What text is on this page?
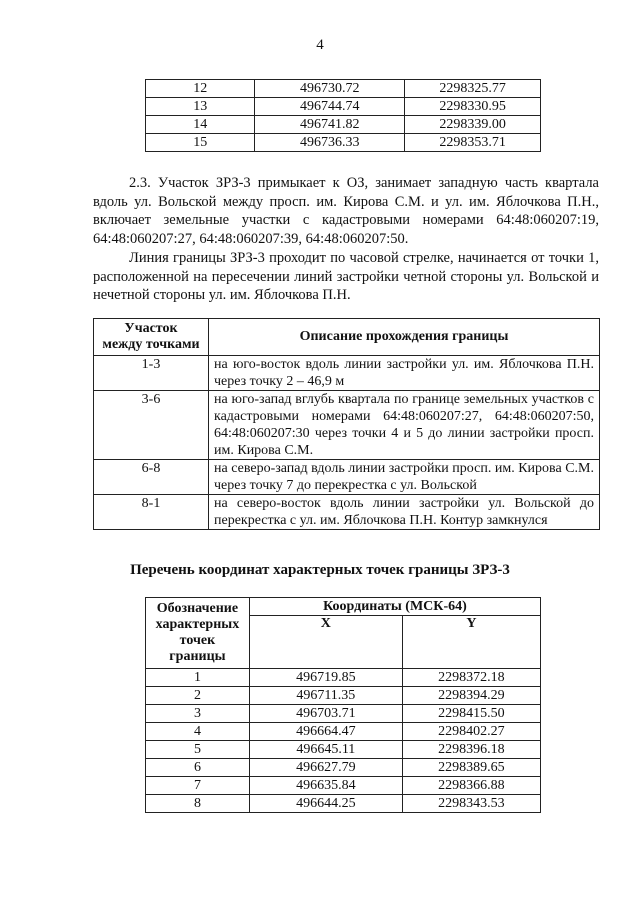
4
12	496730.72	2298325.77
13	496744.74	2298330.95
14	496741.82	2298339.00
15	496736.33	2298353.71

2.3. Участок ЗРЗ-3 примыкает к ОЗ, занимает западную часть квартала вдоль ул. Вольской между просп. им. Кирова С.М. и ул. им. Яблочкова П.Н., включает земельные участки с кадастровыми номерами 64:48:060207:19, 64:48:060207:27, 64:48:060207:39, 64:48:060207:50.

Линия границы ЗРЗ-3 проходит по часовой стрелке, начинается от точки 1, расположенной на пересечении линий застройки четной стороны ул. Вольской и нечетной стороны ул. им. Яблочкова П.Н.

Участок
между точками	Описание прохождения границы
1-3	на юго-восток вдоль линии застройки ул. им. Яблочкова П.Н. через точку 2 – 46,9 м
3-6	на юго-запад вглубь квартала по границе земельных участков с кадастровыми номерами 64:48:060207:27, 64:48:060207:50, 64:48:060207:30 через точки 4 и 5 до линии застройки просп. им. Кирова С.М.
6-8	на северо-запад вдоль линии застройки просп. им. Кирова С.М. через точку 7 до перекрестка с ул. Вольской
8-1	на северо-восток вдоль линии застройки ул. Вольской до перекрестка с ул. им. Яблочкова П.Н. Контур замкнулся
Перечень координат характерных точек границы ЗРЗ-3
Обозначение
характерных
точек
границы	Координаты (МСК-64)	
	X	Y
1	496719.85	2298372.18
2	496711.35	2298394.29
3	496703.71	2298415.50
4	496664.47	2298402.27
5	496645.11	2298396.18
6	496627.79	2298389.65
7	496635.84	2298366.88
8	496644.25	2298343.53
